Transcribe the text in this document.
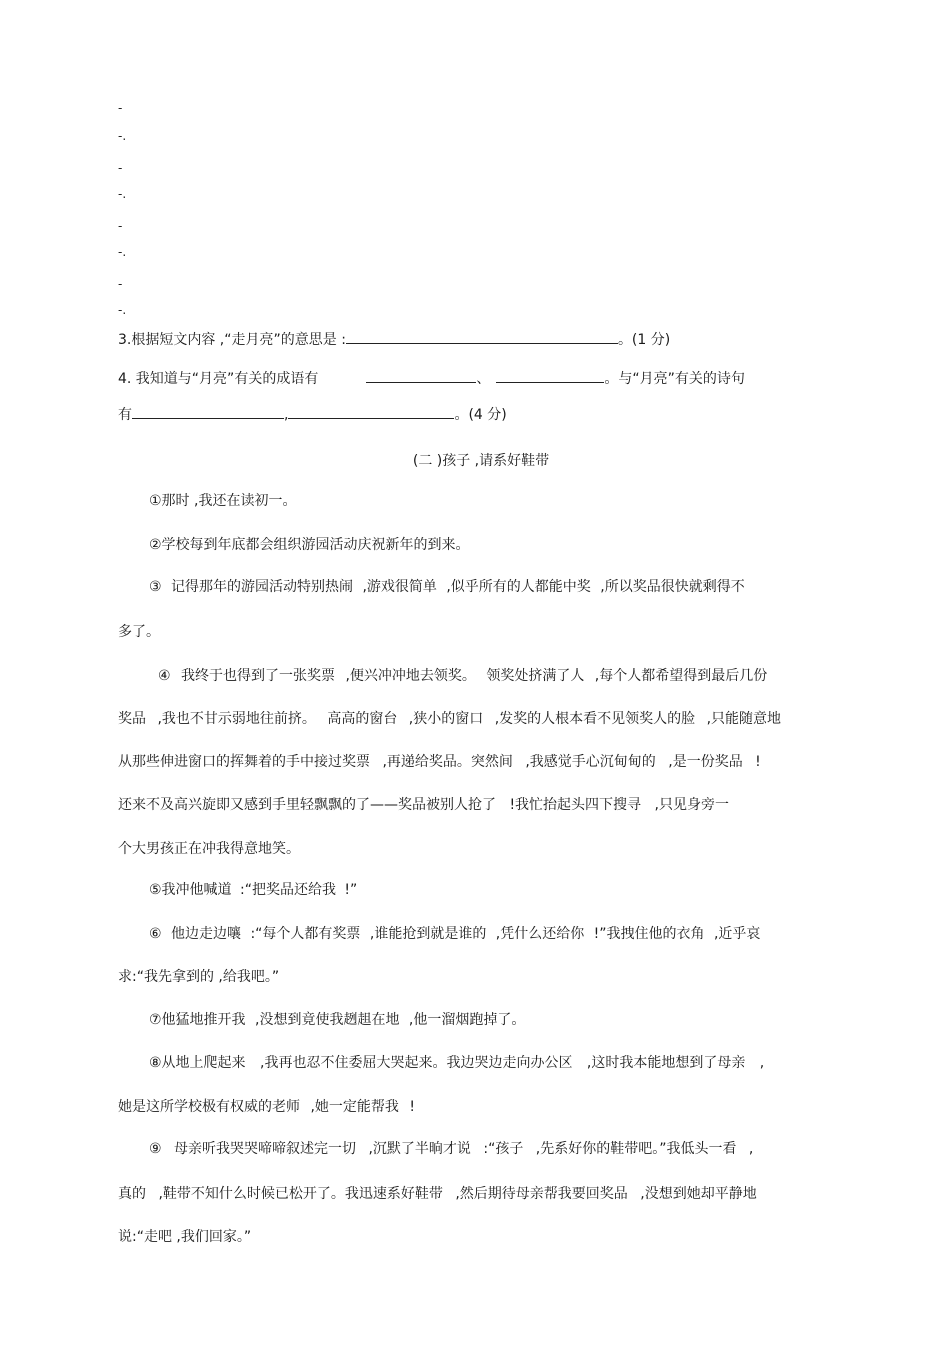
-
-.
-
-.
-
-.
-
-.
3.根据短文内容 ,“走月亮”的意思是 :	。(1 分)
4. 我知道与“月亮”有关的成语有	、	。与“月亮”有关的诗句
有	,	。(4 分)
(二 )孩子 ,请系好鞋带
①那时 ,我还在读初一。
②学校每到年底都会组织游园活动庆祝新年的到来。
③ 记得那年的游园活动特别热闹 ,游戏很简单 ,似乎所有的人都能中奖 ,所以奖品很快就剩得不
多了。
④ 我终于也得到了一张奖票 ,便兴冲冲地去领奖。 领奖处挤满了人 ,每个人都希望得到最后几份
奖品 ,我也不甘示弱地往前挤。 高高的窗台 ,狭小的窗口 ,发奖的人根本看不见领奖人的脸 ,只能随意地
从那些伸进窗口的挥舞着的手中接过奖票 ,再递给奖品。突然间 ,我感觉手心沉甸甸的 ,是一份奖品 !
还来不及高兴旋即又感到手里轻飘飘的了——奖品被别人抢了 !我忙抬起头四下搜寻 ,只见身旁一
个大男孩正在冲我得意地笑。
⑤我冲他喊道 :“把奖品还给我 !”
⑥ 他边走边嚷 :“每个人都有奖票 ,谁能抢到就是谁的 ,凭什么还给你 !”我拽住他的衣角 ,近乎哀
求:“我先拿到的 ,给我吧。”
⑦他猛地推开我 ,没想到竟使我趔趄在地 ,他一溜烟跑掉了。
⑧从地上爬起来 ,我再也忍不住委屈大哭起来。我边哭边走向办公区 ,这时我本能地想到了母亲 ,
她是这所学校极有权威的老师 ,她一定能帮我 !
⑨ 母亲听我哭哭啼啼叙述完一切 ,沉默了半晌才说 :“孩子 ,先系好你的鞋带吧。”我低头一看 ,
真的 ,鞋带不知什么时候已松开了。我迅速系好鞋带 ,然后期待母亲帮我要回奖品 ,没想到她却平静地
说:“走吧 ,我们回家。”
